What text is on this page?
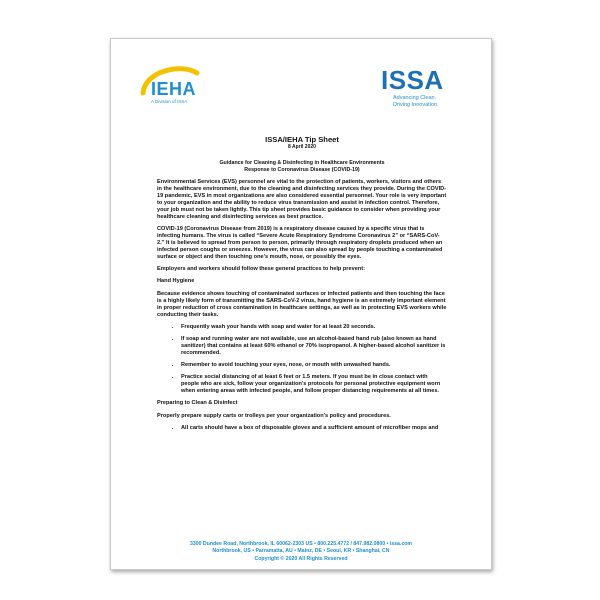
IEHA
A Division of ISSA
ISSA
Advancing Clean.
Driving Innovation.
ISSA/IEHA Tip Sheet
8 April 2020
Guidance for Cleaning & Disinfecting in Healthcare Environments
Response to Coronavirus Disease (COVID-19)

Environmental Services (EVS) personnel are vital to the protection of patients, workers, visitors and others in the healthcare environment, due to the cleaning and disinfecting services they provide. During the COVID-19 pandemic, EVS in most organizations are also considered essential personnel. Your role is very important to your organization and the ability to reduce virus transmission and assist in infection control. Therefore, your job must not be taken lightly. This tip sheet provides basic guidance to consider when providing your healthcare cleaning and disinfecting services as best practice.

COVID-19 (Coronavirus Disease from 2019) is a respiratory disease caused by a specific virus that is infecting humans. The virus is called “Severe Acute Respiratory Syndrome Coronavirus 2” or “SARS-CoV-2.” It is believed to spread from person to person, primarily through respiratory droplets produced when an infected person coughs or sneezes. However, the virus can also spread by people touching a contaminated surface or object and then touching one’s mouth, nose, or possibly the eyes.

Employers and workers should follow these general practices to help prevent:

Hand Hygiene

Because evidence shows touching of contaminated surfaces or infected patients and then touching the face is a highly likely form of transmitting the SARS-CoV-2 virus, hand hygiene is an extremely important element in proper reduction of cross contamination in healthcare settings, as well as in protecting EVS workers while conducting their tasks.

• Frequently wash your hands with soap and water for at least 20 seconds.
• If soap and running water are not available, use an alcohol-based hand rub (also known as hand sanitizer) that contains at least 60% ethanol or 70% isopropanol. A higher-based alcohol sanitizer is recommended.
• Remember to avoid touching your eyes, nose, or mouth with unwashed hands.
• Practice social distancing of at least 6 feet or 1.5 meters. If you must be in close contact with people who are sick, follow your organization’s protocols for personal protective equipment worn when entering areas with infected people, and follow proper distancing requirements at all times.
Preparing to Clean & Disinfect

Properly prepare supply carts or trolleys per your organization’s policy and procedures.

• All carts should have a box of disposable gloves and a sufficient amount of microfiber mops and
3300 Dundee Road, Northbrook, IL 60062-2303 US • 800.225.4772 / 847.982.0800 • issa.com
Northbrook, US • Parramatta, AU • Mainz, DE • Seoul, KR • Shanghai, CN
Copyright © 2020 All Rights Reserved
